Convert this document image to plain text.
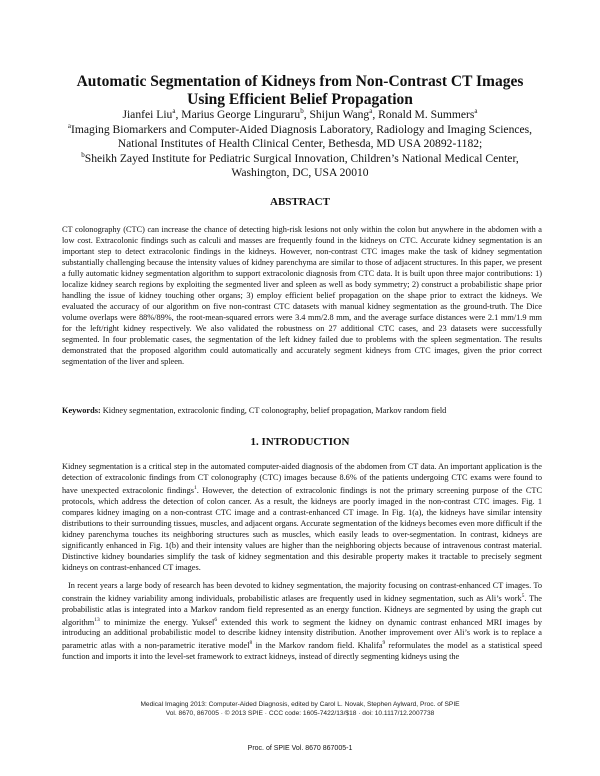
Automatic Segmentation of Kidneys from Non-Contrast CT Images
Using Efficient Belief Propagation
Jianfei Liu$^a$, Marius George Linguraru$^b$, Shijun Wang$^a$, Ronald M. Summers$^a$
$^a$Imaging Biomarkers and Computer-Aided Diagnosis Laboratory, Radiology and Imaging Sciences,
National Institutes of Health Clinical Center, Bethesda, MD USA 20892-1182;
$^b$Sheikh Zayed Institute for Pediatric Surgical Innovation, Children’s National Medical Center,
Washington, DC, USA 20010
ABSTRACT

CT colonography (CTC) can increase the chance of detecting high-risk lesions not only within the colon but anywhere in the abdomen with a low cost. Extracolonic findings such as calculi and masses are frequently found in the kidneys on CTC. Accurate kidney segmentation is an important step to detect extracolonic findings in the kidneys. However, non-contrast CTC images make the task of kidney segmentation substantially challenging because the intensity values of kidney parenchyma are similar to those of adjacent structures. In this paper, we present a fully automatic kidney segmentation algorithm to support extracolonic diagnosis from CTC data. It is built upon three major contributions: 1) localize kidney search regions by exploiting the segmented liver and spleen as well as body symmetry; 2) construct a probabilistic shape prior handling the issue of kidney touching other organs; 3) employ efficient belief propagation on the shape prior to extract the kidneys. We evaluated the accuracy of our algorithm on five non-contrast CTC datasets with manual kidney segmentation as the ground-truth. The Dice volume overlaps were 88%/89%, the root-mean-squared errors were 3.4 mm/2.8 mm, and the average surface distances were 2.1 mm/1.9 mm for the left/right kidney respectively. We also validated the robustness on 27 additional CTC cases, and 23 datasets were successfully segmented. In four problematic cases, the segmentation of the left kidney failed due to problems with the spleen segmentation. The results demonstrated that the proposed algorithm could automatically and accurately segment kidneys from CTC images, given the prior correct segmentation of the liver and spleen.

Keywords: Kidney segmentation, extracolonic finding, CT colonography, belief propagation, Markov random field
1. INTRODUCTION

Kidney segmentation is a critical step in the automated computer-aided diagnosis of the abdomen from CT data. An important application is the detection of extracolonic findings from CT colonography (CTC) images because 8.6% of the patients undergoing CTC exams were found to have unexpected extracolonic findings$^1$. However, the detection of extracolonic findings is not the primary screening purpose of the CTC protocols, which address the detection of colon cancer. As a result, the kidneys are poorly imaged in the non-contrast CTC images. Fig. 1 compares kidney imaging on a non-contrast CTC image and a contrast-enhanced CT image. In Fig. 1(a), the kidneys have similar intensity distributions to their surrounding tissues, muscles, and adjacent organs. Accurate segmentation of the kidneys becomes even more difficult if the kidney parenchyma touches its neighboring structures such as muscles, which easily leads to over-segmentation. In contrast, kidneys are significantly enhanced in Fig. 1(b) and their intensity values are higher than the neighboring objects because of intravenous contrast material. Distinctive kidney boundaries simplify the task of kidney segmentation and this desirable property makes it tractable to precisely segment kidneys on contrast-enhanced CT images.

In recent years a large body of research has been devoted to kidney segmentation, the majority focusing on contrast-enhanced CT images. To constrain the kidney variability among individuals, probabilistic atlases are frequently used in kidney segmentation, such as Ali’s work$^5$. The probabilistic atlas is integrated into a Markov random field represented as an energy function. Kidneys are segmented by using the graph cut algorithm$^{13}$ to minimize the energy. Yuksel$^6$ extended this work to segment the kidney on dynamic contrast enhanced MRI images by introducing an additional probabilistic model to describe kidney intensity distribution. Another improvement over Ali’s work is to replace a parametric atlas with a non-parametric iterative model$^8$ in the Markov random field. Khalifa$^9$ reformulates the model as a statistical speed function and imports it into the level-set framework to extract kidneys, instead of directly segmenting kidneys using the

Medical Imaging 2013: Computer-Aided Diagnosis, edited by Carol L. Novak, Stephen Aylward, Proc. of SPIE
Vol. 8670, 867005 · © 2013 SPIE · CCC code: 1605-7422/13/$18 · doi: 10.1117/12.2007738
Proc. of SPIE Vol. 8670 867005-1
